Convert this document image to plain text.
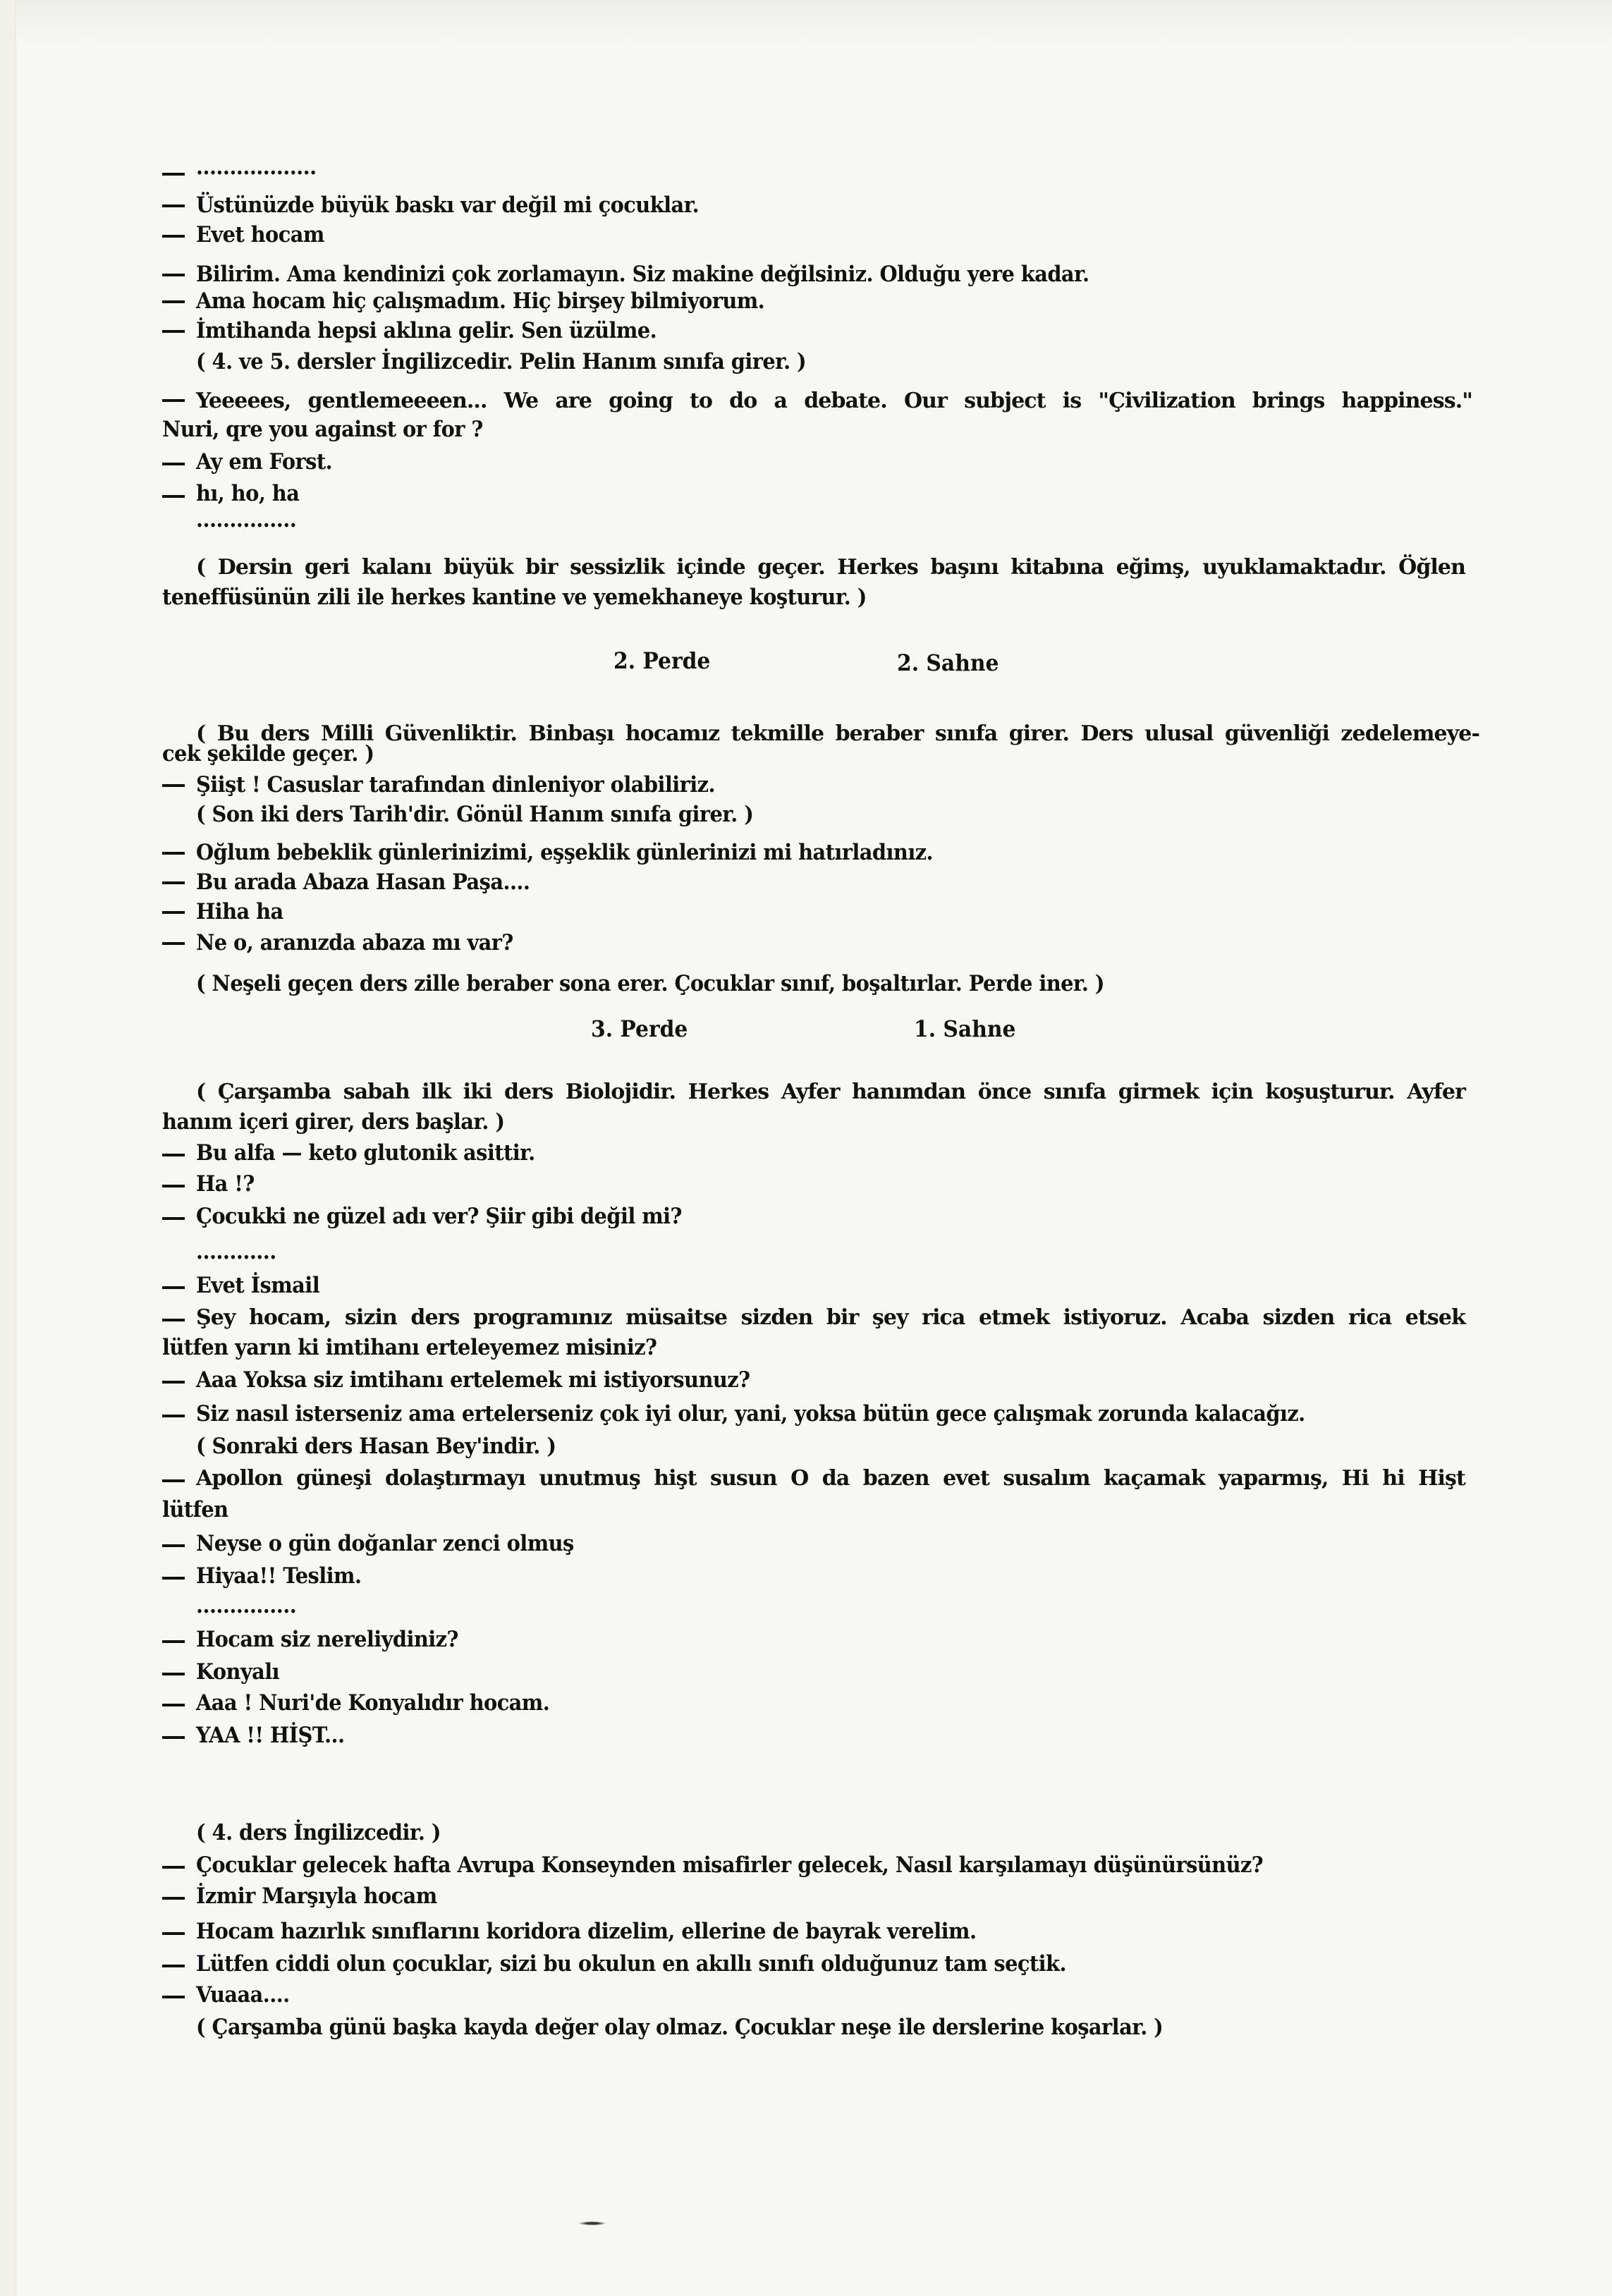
..................
Üstünüzde büyük baskı var değil mi çocuklar.
Evet hocam
Bilirim. Ama kendinizi çok zorlamayın. Siz makine değilsiniz. Olduğu yere kadar.
Ama hocam hiç çalışmadım. Hiç birşey bilmiyorum.
İmtihanda hepsi aklına gelir. Sen üzülme.
( 4. ve 5. dersler İngilizcedir. Pelin Hanım sınıfa girer. )
Yeeeees, gentlemeeeen... We are going to do a debate. Our subject is "Çivilization brings happiness."
Nuri, qre you against or for ?
Ay em Forst.
hı, ho, ha
...............
( Dersin geri kalanı büyük bir sessizlik içinde geçer. Herkes başını kitabına eğimş, uyuklamaktadır. Öğlen
teneffüsünün zili ile herkes kantine ve yemekhaneye koşturur. )
2. Perde	2. Sahne
( Bu ders Milli Güvenliktir. Binbaşı hocamız tekmille beraber sınıfa girer. Ders ulusal güvenliği zedelemeye-
cek şekilde geçer. )
Şiişt ! Casuslar tarafından dinleniyor olabiliriz.
( Son iki ders Tarih'dir. Gönül Hanım sınıfa girer. )
Oğlum bebeklik günlerinizimi, eşşeklik günlerinizi mi hatırladınız.
Bu arada Abaza Hasan Paşa....
Hiha ha
Ne o, aranızda abaza mı var?
( Neşeli geçen ders zille beraber sona erer. Çocuklar sınıf, boşaltırlar. Perde iner. )
3. Perde	1. Sahne
( Çarşamba sabah ilk iki ders Biolojidir. Herkes Ayfer hanımdan önce sınıfa girmek için koşuşturur. Ayfer
hanım içeri girer, ders başlar. )
Bu alfa — keto glutonik asittir.
Ha !?
Çocukki ne güzel adı ver? Şiir gibi değil mi?
............
Evet İsmail
Şey hocam, sizin ders programınız müsaitse sizden bir şey rica etmek istiyoruz. Acaba sizden rica etsek
lütfen yarın ki imtihanı erteleyemez misiniz?
Aaa Yoksa siz imtihanı ertelemek mi istiyorsunuz?
Siz nasıl isterseniz ama ertelerseniz çok iyi olur, yani, yoksa bütün gece çalışmak zorunda kalacağız.
( Sonraki ders Hasan Bey'indir. )
Apollon güneşi dolaştırmayı unutmuş hişt susun O da bazen evet susalım kaçamak yaparmış, Hi hi Hişt
lütfen
Neyse o gün doğanlar zenci olmuş
Hiyaa!! Teslim.
...............
Hocam siz nereliydiniz?
Konyalı
Aaa ! Nuri'de Konyalıdır hocam.
YAA !! HİŞT...
( 4. ders İngilizcedir. )
Çocuklar gelecek hafta Avrupa Konseynden misafirler gelecek, Nasıl karşılamayı düşünürsünüz?
İzmir Marşıyla hocam
Hocam hazırlık sınıflarını koridora dizelim, ellerine de bayrak verelim.
Lütfen ciddi olun çocuklar, sizi bu okulun en akıllı sınıfı olduğunuz tam seçtik.
Vuaaa....
( Çarşamba günü başka kayda değer olay olmaz. Çocuklar neşe ile derslerine koşarlar. )
